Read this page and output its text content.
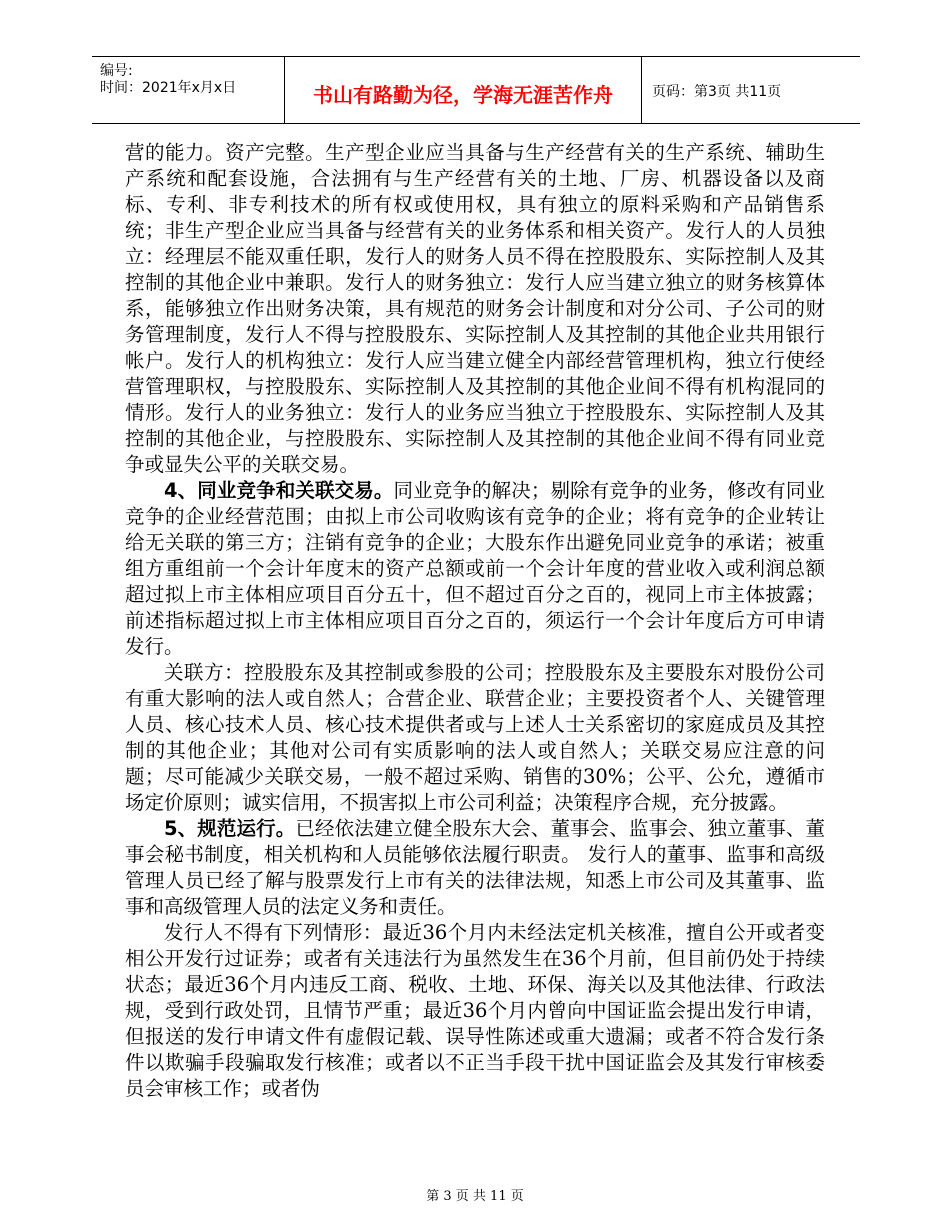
编号:
时间：2021年x月x日	书山有路勤为径，学海无涯苦作舟	页码：第3页 共11页

营的能力。资产完整。生产型企业应当具备与生产经营有关的生产系统、辅助生产系统和配套设施，合法拥有与生产经营有关的土地、厂房、机器设备以及商标、专利、非专利技术的所有权或使用权，具有独立的原料采购和产品销售系统；非生产型企业应当具备与经营有关的业务体系和相关资产。发行人的人员独立：经理层不能双重任职，发行人的财务人员不得在控股股东、实际控制人及其控制的其他企业中兼职。发行人的财务独立：发行人应当建立独立的财务核算体系，能够独立作出财务决策，具有规范的财务会计制度和对分公司、子公司的财务管理制度，发行人不得与控股股东、实际控制人及其控制的其他企业共用银行帐户。发行人的机构独立：发行人应当建立健全内部经营管理机构，独立行使经营管理职权，与控股股东、实际控制人及其控制的其他企业间不得有机构混同的情形。发行人的业务独立：发行人的业务应当独立于控股股东、实际控制人及其控制的其他企业，与控股股东、实际控制人及其控制的其他企业间不得有同业竞争或显失公平的关联交易。

4、同业竞争和关联交易。同业竞争的解决；剔除有竞争的业务，修改有同业竞争的企业经营范围；由拟上市公司收购该有竞争的企业；将有竞争的企业转让给无关联的第三方；注销有竞争的企业；大股东作出避免同业竞争的承诺；被重组方重组前一个会计年度末的资产总额或前一个会计年度的营业收入或利润总额超过拟上市主体相应项目百分五十，但不超过百分之百的，视同上市主体披露；前述指标超过拟上市主体相应项目百分之百的，须运行一个会计年度后方可申请发行。

关联方：控股股东及其控制或参股的公司；控股股东及主要股东对股份公司有重大影响的法人或自然人；合营企业、联营企业；主要投资者个人、关键管理人员、核心技术人员、核心技术提供者或与上述人士关系密切的家庭成员及其控制的其他企业；其他对公司有实质影响的法人或自然人；关联交易应注意的问题；尽可能减少关联交易，一般不超过采购、销售的30%；公平、公允，遵循市场定价原则；诚实信用，不损害拟上市公司利益；决策程序合规，充分披露。

5、规范运行。已经依法建立健全股东大会、董事会、监事会、独立董事、董事会秘书制度，相关机构和人员能够依法履行职责。 发行人的董事、监事和高级管理人员已经了解与股票发行上市有关的法律法规，知悉上市公司及其董事、监事和高级管理人员的法定义务和责任。

发行人不得有下列情形：最近36个月内未经法定机关核准，擅自公开或者变相公开发行过证券；或者有关违法行为虽然发生在36个月前，但目前仍处于持续状态；最近36个月内违反工商、税收、土地、环保、海关以及其他法律、行政法规，受到行政处罚，且情节严重；最近36个月内曾向中国证监会提出发行申请，但报送的发行申请文件有虚假记载、误导性陈述或重大遗漏；或者不符合发行条件以欺骗手段骗取发行核准；或者以不正当手段干扰中国证监会及其发行审核委员会审核工作；或者伪

第 3 页 共 11 页
